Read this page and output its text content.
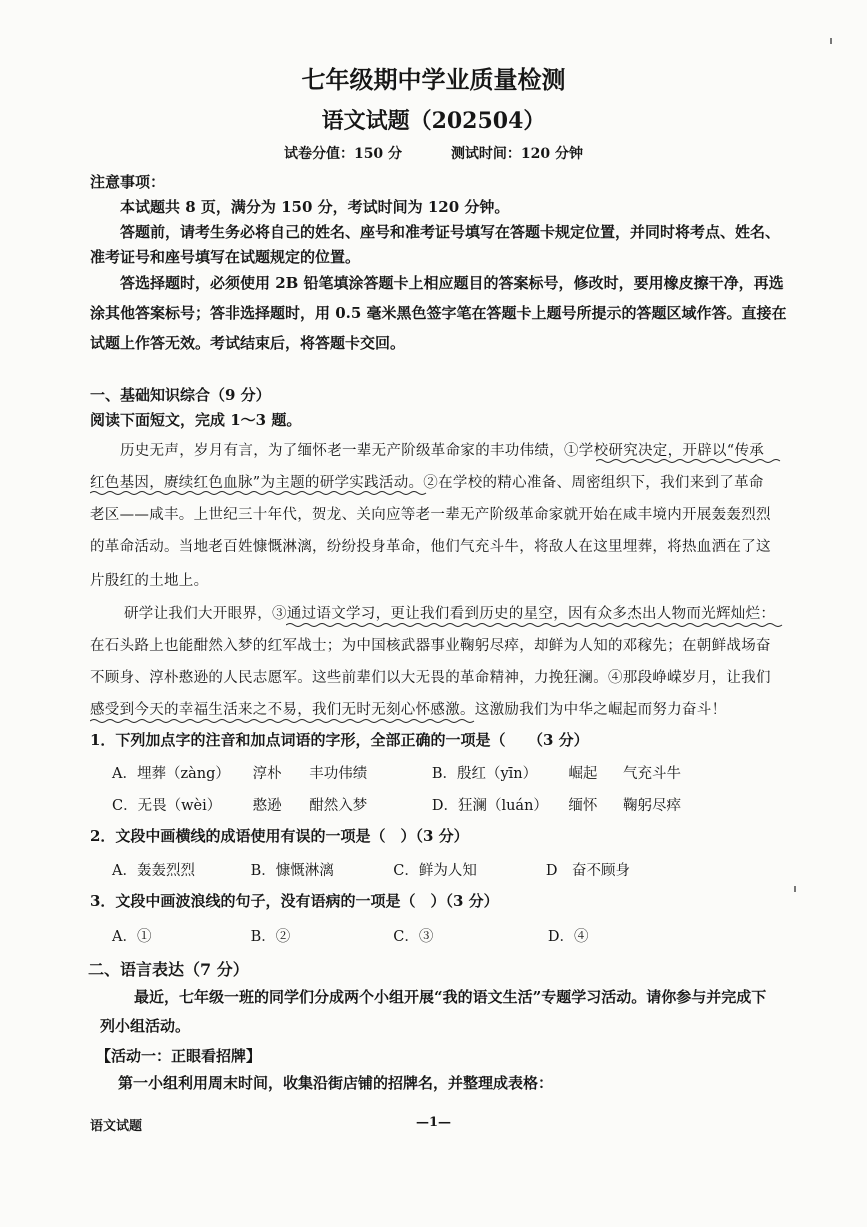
七年级期中学业质量检测
语文试题（202504）
试卷分值：150 分	测试时间：120 分钟
注意事项：
本试题共 8 页，满分为 150 分，考试时间为 120 分钟。
答题前，请考生务必将自己的姓名、座号和准考证号填写在答题卡规定位置，并同时将考点、姓名、
准考证号和座号填写在试题规定的位置。
答选择题时，必须使用 2B 铅笔填涂答题卡上相应题目的答案标号，修改时，要用橡皮擦干净，再选
涂其他答案标号；答非选择题时，用 0.5 毫米黑色签字笔在答题卡上题号所提示的答题区域作答。直接在
试题上作答无效。考试结束后，将答题卡交回。
一、基础知识综合（9 分）
阅读下面短文，完成 1～3 题。
历史无声，岁月有言，为了缅怀老一辈无产阶级革命家的丰功伟绩，①学校研究决定，开辟以“传承
红色基因，赓续红色血脉”为主题的研学实践活动。②在学校的精心准备、周密组织下，我们来到了革命
老区——咸丰。上世纪三十年代，贺龙、关向应等老一辈无产阶级革命家就开始在咸丰境内开展轰轰烈烈
的革命活动。当地老百姓慷慨淋漓，纷纷投身革命，他们气充斗牛，将敌人在这里埋葬，将热血洒在了这
片殷红的土地上。
研学让我们大开眼界，③通过语文学习，更让我们看到历史的星空，因有众多杰出人物而光辉灿烂：
在石头路上也能酣然入梦的红军战士；为中国核武器事业鞠躬尽瘁，却鲜为人知的邓稼先；在朝鲜战场奋
不顾身、淳朴憨逊的人民志愿军。这些前辈们以大无畏的革命精神，力挽狂澜。④那段峥嵘岁月，让我们
感受到今天的幸福生活来之不易，我们无时无刻心怀感激。这激励我们为中华之崛起而努力奋斗！
1．下列加点字的注音和加点词语的字形，全部正确的一项是（　　（3 分）
A．埋葬（zàng） 淳朴 丰功伟绩	B．殷红（yīn） 崛起 气充斗牛
C．无畏（wèi） 憨逊 酣然入梦	D．狂澜（luán） 缅怀 鞠躬尽瘁
2．文段中画横线的成语使用有误的一项是（　）（3 分）
A．轰轰烈烈	B．慷慨淋漓	C．鲜为人知	D　奋不顾身
3．文段中画波浪线的句子，没有语病的一项是（　）（3 分）
A．①	B．②	C．③	D．④
二、语言表达（7 分）
最近，七年级一班的同学们分成两个小组开展“我的语文生活”专题学习活动。请你参与并完成下
列小组活动。
【活动一：正眼看招牌】
第一小组利用周末时间，收集沿街店铺的招牌名，并整理成表格：
语文试题	—1—
